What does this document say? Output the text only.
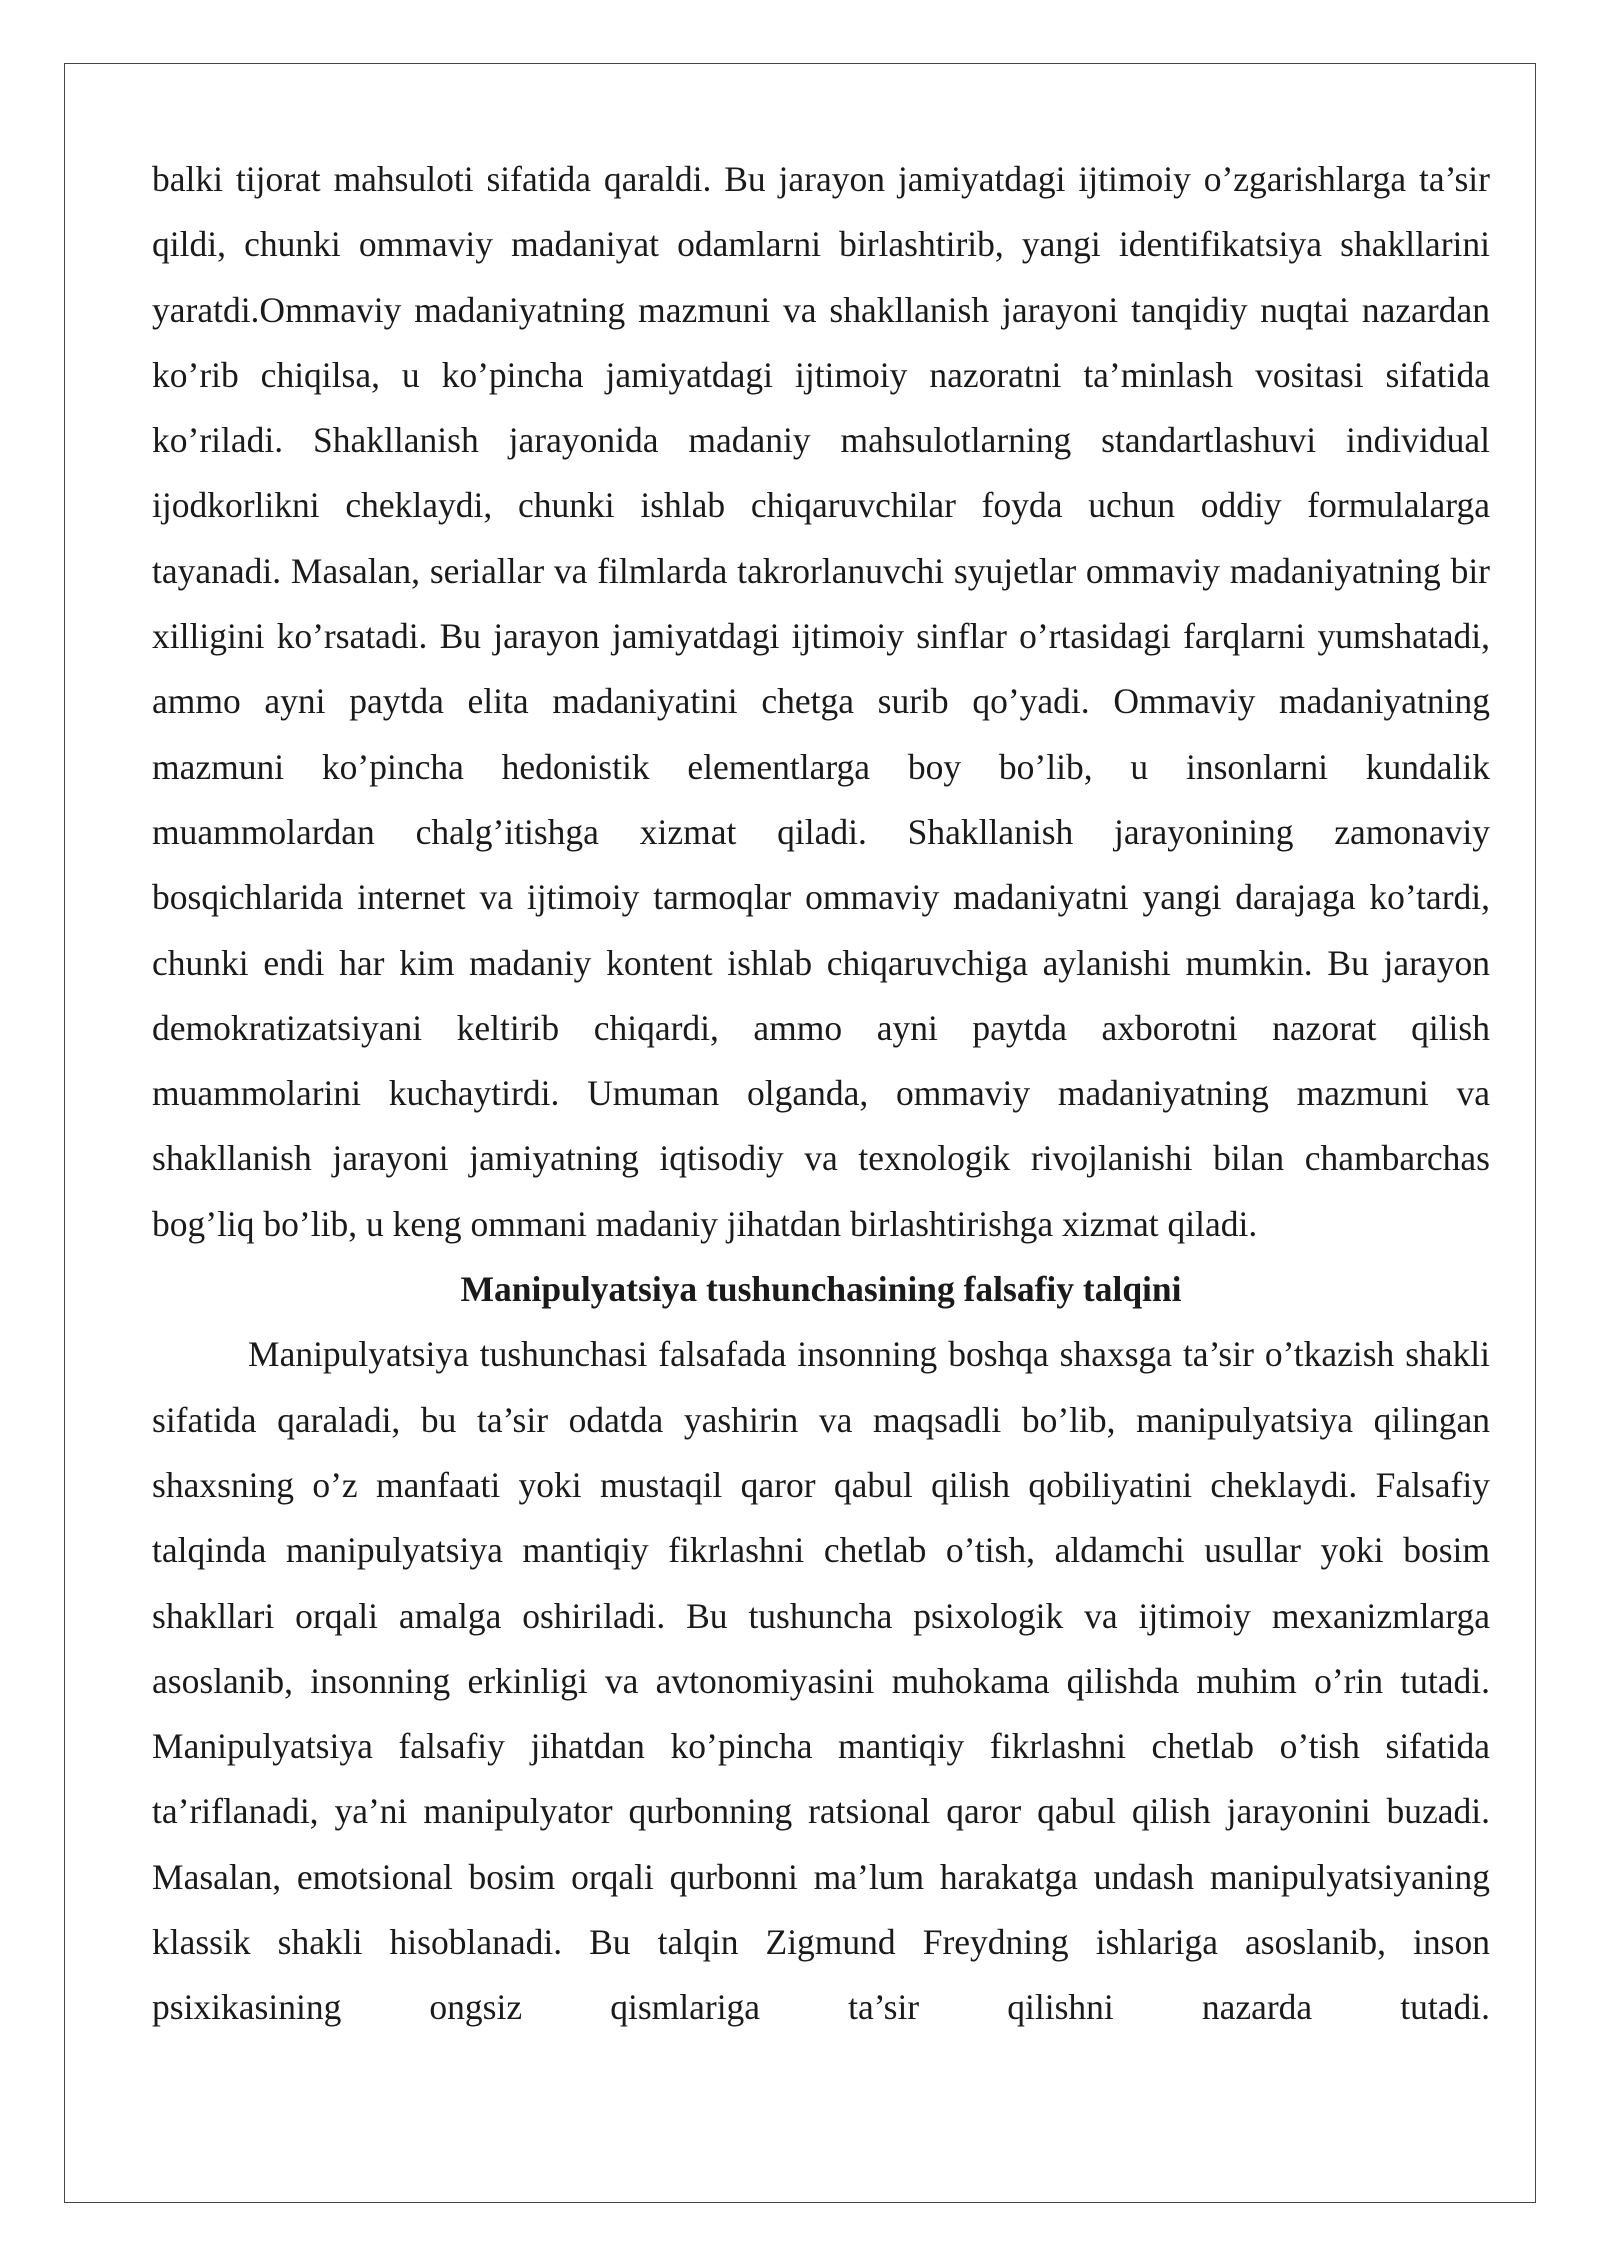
balki tijorat mahsuloti sifatida qaraldi. Bu jarayon jamiyatdagi ijtimoiy o’zgarishlarga ta’sir qildi, chunki ommaviy madaniyat odamlarni birlashtirib, yangi identifikatsiya shakllarini yaratdi.Ommaviy madaniyatning mazmuni va shakllanish jarayoni tanqidiy nuqtai nazardan ko’rib chiqilsa, u ko’pincha jamiyatdagi ijtimoiy nazoratni ta’minlash vositasi sifatida ko’riladi. Shakllanish jarayonida madaniy mahsulotlarning standartlashuvi individual ijodkorlikni cheklaydi, chunki ishlab chiqaruvchilar foyda uchun oddiy formulalarga tayanadi. Masalan, seriallar va filmlarda takrorlanuvchi syujetlar ommaviy madaniyatning bir xilligini ko’rsatadi. Bu jarayon jamiyatdagi ijtimoiy sinflar o’rtasidagi farqlarni yumshatadi, ammo ayni paytda elita madaniyatini chetga surib qo’yadi. Ommaviy madaniyatning mazmuni ko’pincha hedonistik elementlarga boy bo’lib, u insonlarni kundalik muammolardan chalg’itishga xizmat qiladi. Shakllanish jarayonining zamonaviy bosqichlarida internet va ijtimoiy tarmoqlar ommaviy madaniyatni yangi darajaga ko’tardi, chunki endi har kim madaniy kontent ishlab chiqaruvchiga aylanishi mumkin. Bu jarayon demokratizatsiyani keltirib chiqardi, ammo ayni paytda axborotni nazorat qilish muammolarini kuchaytirdi. Umuman olganda, ommaviy madaniyatning mazmuni va shakllanish jarayoni jamiyatning iqtisodiy va texnologik rivojlanishi bilan chambarchas bog’liq bo’lib, u keng ommani madaniy jihatdan birlashtirishga xizmat qiladi.

Manipulyatsiya tushunchasining falsafiy talqini

Manipulyatsiya tushunchasi falsafada insonning boshqa shaxsga ta’sir o’tkazish shakli sifatida qaraladi, bu ta’sir odatda yashirin va maqsadli bo’lib, manipulyatsiya qilingan shaxsning o’z manfaati yoki mustaqil qaror qabul qilish qobiliyatini cheklaydi. Falsafiy talqinda manipulyatsiya mantiqiy fikrlashni chetlab o’tish, aldamchi usullar yoki bosim shakllari orqali amalga oshiriladi. Bu tushuncha psixologik va ijtimoiy mexanizmlarga asoslanib, insonning erkinligi va avtonomiyasini muhokama qilishda muhim o’rin tutadi. Manipulyatsiya falsafiy jihatdan ko’pincha mantiqiy fikrlashni chetlab o’tish sifatida ta’riflanadi, ya’ni manipulyator qurbonning ratsional qaror qabul qilish jarayonini buzadi. Masalan, emotsional bosim orqali qurbonni ma’lum harakatga undash manipulyatsiyaning klassik shakli hisoblanadi. Bu talqin Zigmund Freydning ishlariga asoslanib, inson psixikasining ongsiz qismlariga ta’sir qilishni nazarda tutadi.
